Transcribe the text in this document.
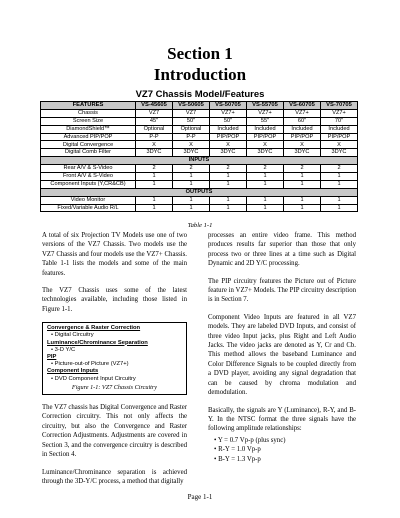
Section 1
Introduction
VZ7 Chassis Model/Features
FEATURES	VS-45605	VS-50605	VS-50705	VS-55705	VS-60705	VS-70705
Chassis	VZ7	VZ7	VZ7+	VZ7+	VZ7+	VZ7+
Screen Size	45"	50"	50"	55"	60"	70"
DiamondShield™	Optional	Optional	Included	Included	Included	Included
Advanced PIP/POP	P-P	P-P	PIP/POP	PIP/POP	PIP/POP	PIP/POP
Digital Convergence	X	X	X	X	X	X
Digital Comb Filter	3DYC	3DYC	3DYC	3DYC	3DYC	3DYC
INPUTS						
Rear A/V & S-Video	2	2	2	2	2	2
Front A/V & S-Video	1	1	1	1	1	1
Component Inputs (Y,CR&CB)	1	1	1	1	1	1
OUTPUTS						
Video Monitor	1	1	1	1	1	1
Fixed/Variable Audio R/L	1	1	1	1	1	1
Table 1-1

A total of six Projection TV Models use one of two versions of the VZ7 Chassis. Two models use the VZ7 Chassis and four models use the VZ7+ Chassis. Table 1-1 lists the models and some of the main features.

The VZ7 Chassis uses some of the latest technologies available, including those listed in Figure 1-1.

Convergence & Raster Correction
• Digital Circuitry
Luminance/Chrominance Separation
• 3-D Y/C
PIP
• Picture-out-of Picture (VZ7+)
Component Inputs
• DVD Component Input Circuitry
Figure 1-1: VZ7 Chassis Circuitry

The VZ7 chassis has Digital Convergence and Raster Correction circuitry. This not only affects the circuitry, but also the Convergence and Raster Correction Adjustments. Adjustments are covered in Section 3, and the convergence circuitry is described in Section 4.

Luminance/Chrominance separation is achieved through the 3D-Y/C process, a method that digitally

processes an entire video frame. This method produces results far superior than those that only process two or three lines at a time such as Digital Dynamic and 2D Y/C processing.

The PIP circuitry features the Picture out of Picture feature in VZ7+ Models. The PIP circuitry description is in Section 7.

Component Video Inputs are featured in all VZ7 models. They are labeled DVD Inputs, and consist of three video Input jacks, plus Right and Left Audio Jacks. The video jacks are denoted as Y, Cr and Cb. This method allows the baseband Luminance and Color Difference Signals to be coupled directly from a DVD player, avoiding any signal degradation that can be caused by chroma modulation and demodulation.

Basically, the signals are Y (Luminance), R-Y, and B-Y. In the NTSC format the three signals have the following amplitude relationships:

• Y = 0.7 Vp-p (plus sync)
• R-Y = 1.0 Vp-p
• B-Y = 1.3 Vp-p
Page 1-1
